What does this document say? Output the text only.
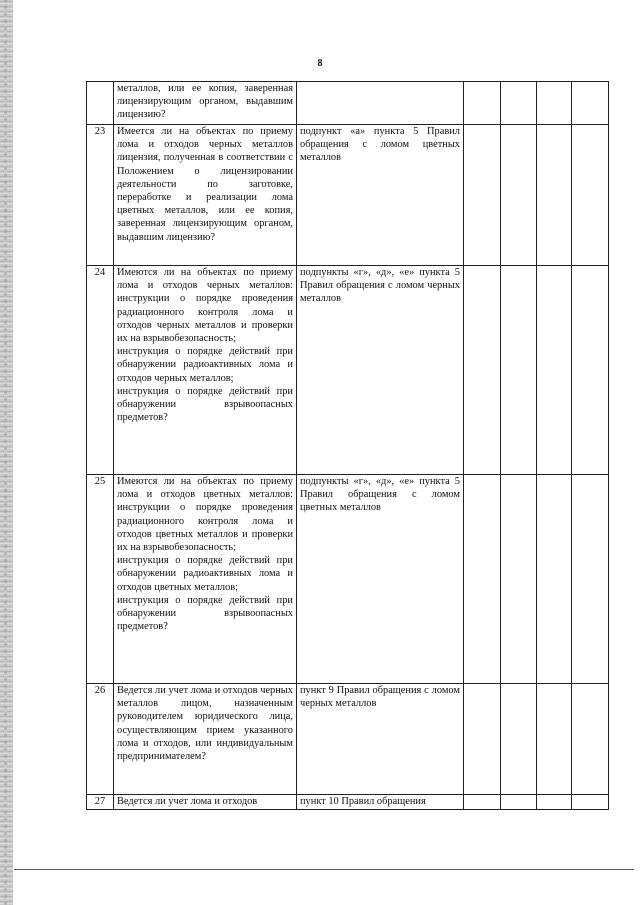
8

	металлов, или ее копия, заверенная лицензирующим органом, выдавшим лицензию?					

23	Имеется ли на объектах по приему лома и отходов черных металлов лицензия, полученная в соответствии с Положением о лицензировании деятельности по заготовке, переработке и реализации лома цветных металлов, или ее копия, заверенная лицензирующим органом, выдавшим лицензию?	подпункт «а» пункта 5 Правил обращения с ломом цветных металлов				
24	Имеются ли на объектах по приему лома и отходов черных металлов: инструкции о порядке проведения радиационного контроля лома и отходов черных металлов и проверки их на взрывобезопасность;
инструкция о порядке действий при обнаружении радиоактивных лома и отходов черных металлов;
инструкция о порядке действий при обнаружении взрывоопасных предметов?	подпункты «г», «д», «е» пункта 5 Правил обращения с ломом черных металлов				
25	Имеются ли на объектах по приему лома и отходов цветных металлов: инструкции о порядке проведения радиационного контроля лома и отходов цветных металлов и проверки их на взрывобезопасность;
инструкция о порядке действий при обнаружении радиоактивных лома и отходов цветных металлов;
инструкция о порядке действий при обнаружении взрывоопасных предметов?	подпункты «г», «д», «е» пункта 5 Правил обращения с ломом цветных металлов				
26	Ведется ли учет лома и отходов черных металлов лицом, назначенным руководителем юридического лица, осуществляющим прием указанного лома и отходов, или индивидуальным предпринимателем?	пункт 9 Правил обращения с ломом черных металлов				
27	Ведется ли учет лома и отходов	пункт 10 Правил обращения				
